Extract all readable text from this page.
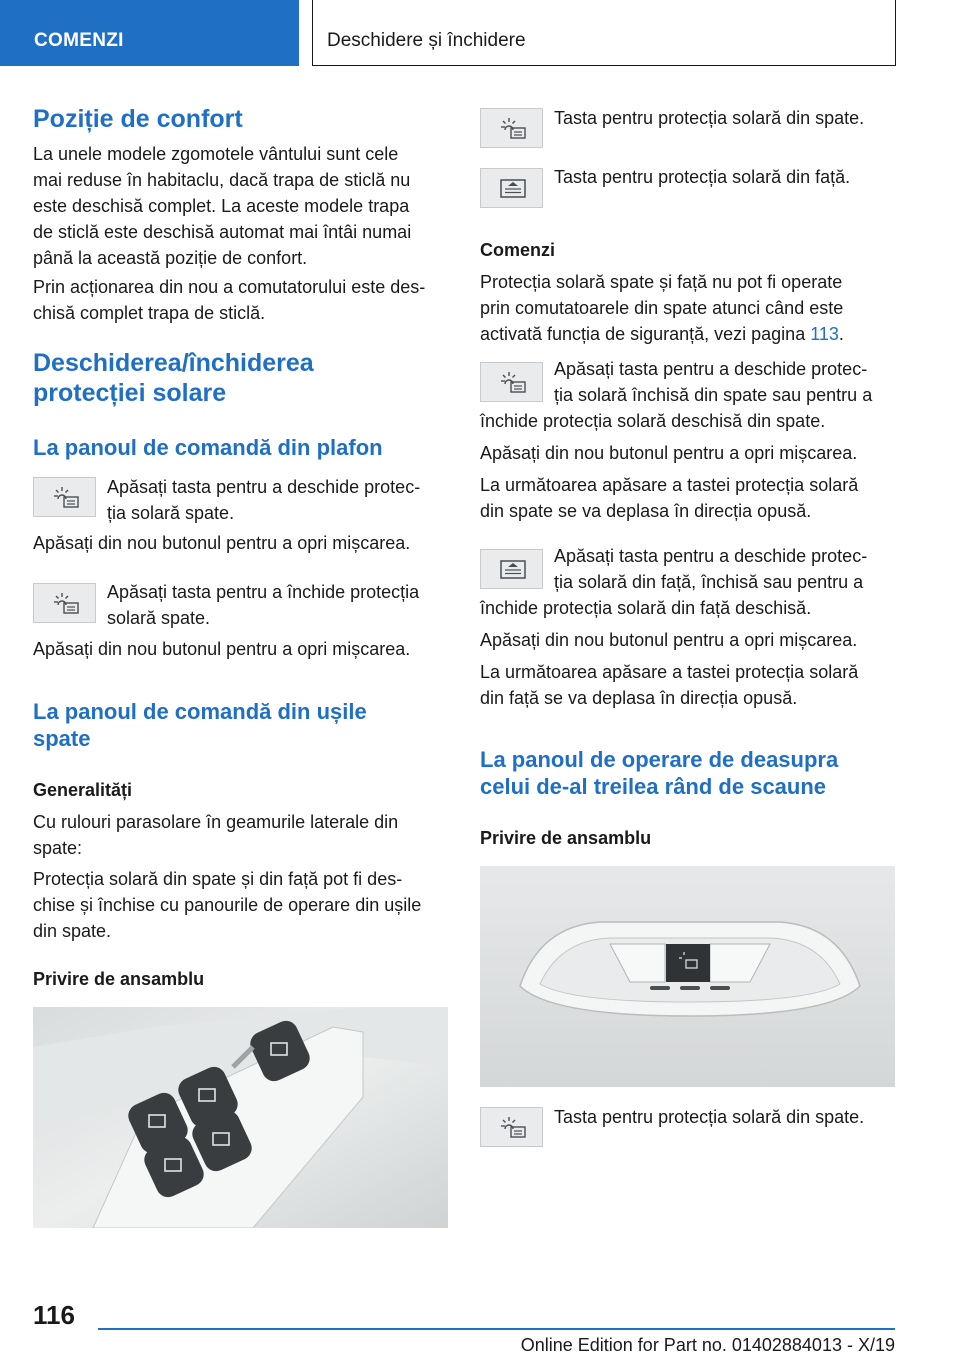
COMENZI	Deschidere și închidere
Poziție de confort
La unele modele zgomotele vântului sunt cele
mai reduse în habitaclu, dacă trapa de sticlă nu
este deschisă complet. La aceste modele trapa
de sticlă este deschisă automat mai întâi numai
până la această poziție de confort.
Prin acționarea din nou a comutatorului este des-
chisă complet trapa de sticlă.
Deschiderea/închiderea
protecției solare
La panoul de comandă din plafon
Apăsați tasta pentru a deschide protec-
ția solară spate.
Apăsați din nou butonul pentru a opri mișcarea.
Apăsați tasta pentru a închide protecția
solară spate.
Apăsați din nou butonul pentru a opri mișcarea.
La panoul de comandă din ușile
spate
Generalități
Cu rulouri parasolare în geamurile laterale din
spate:
Protecția solară din spate și din față pot fi des-
chise și închise cu panourile de operare din ușile
din spate.
Privire de ansamblu
Tasta pentru protecția solară din spate.
Tasta pentru protecția solară din față.
Comenzi
Protecția solară spate și față nu pot fi operate
prin comutatoarele din spate atunci când este
activată funcția de siguranță, vezi pagina 113.
Apăsați tasta pentru a deschide protec-
ția solară închisă din spate sau pentru a
închide protecția solară deschisă din spate.
Apăsați din nou butonul pentru a opri mișcarea.
La următoarea apăsare a tastei protecția solară
din spate se va deplasa în direcția opusă.
Apăsați tasta pentru a deschide protec-
ția solară din față, închisă sau pentru a
închide protecția solară din față deschisă.
Apăsați din nou butonul pentru a opri mișcarea.
La următoarea apăsare a tastei protecția solară
din față se va deplasa în direcția opusă.
La panoul de operare de deasupra
celui de-al treilea rând de scaune
Privire de ansamblu
Tasta pentru protecția solară din spate.
116
Online Edition for Part no. 01402884013 - X/19
